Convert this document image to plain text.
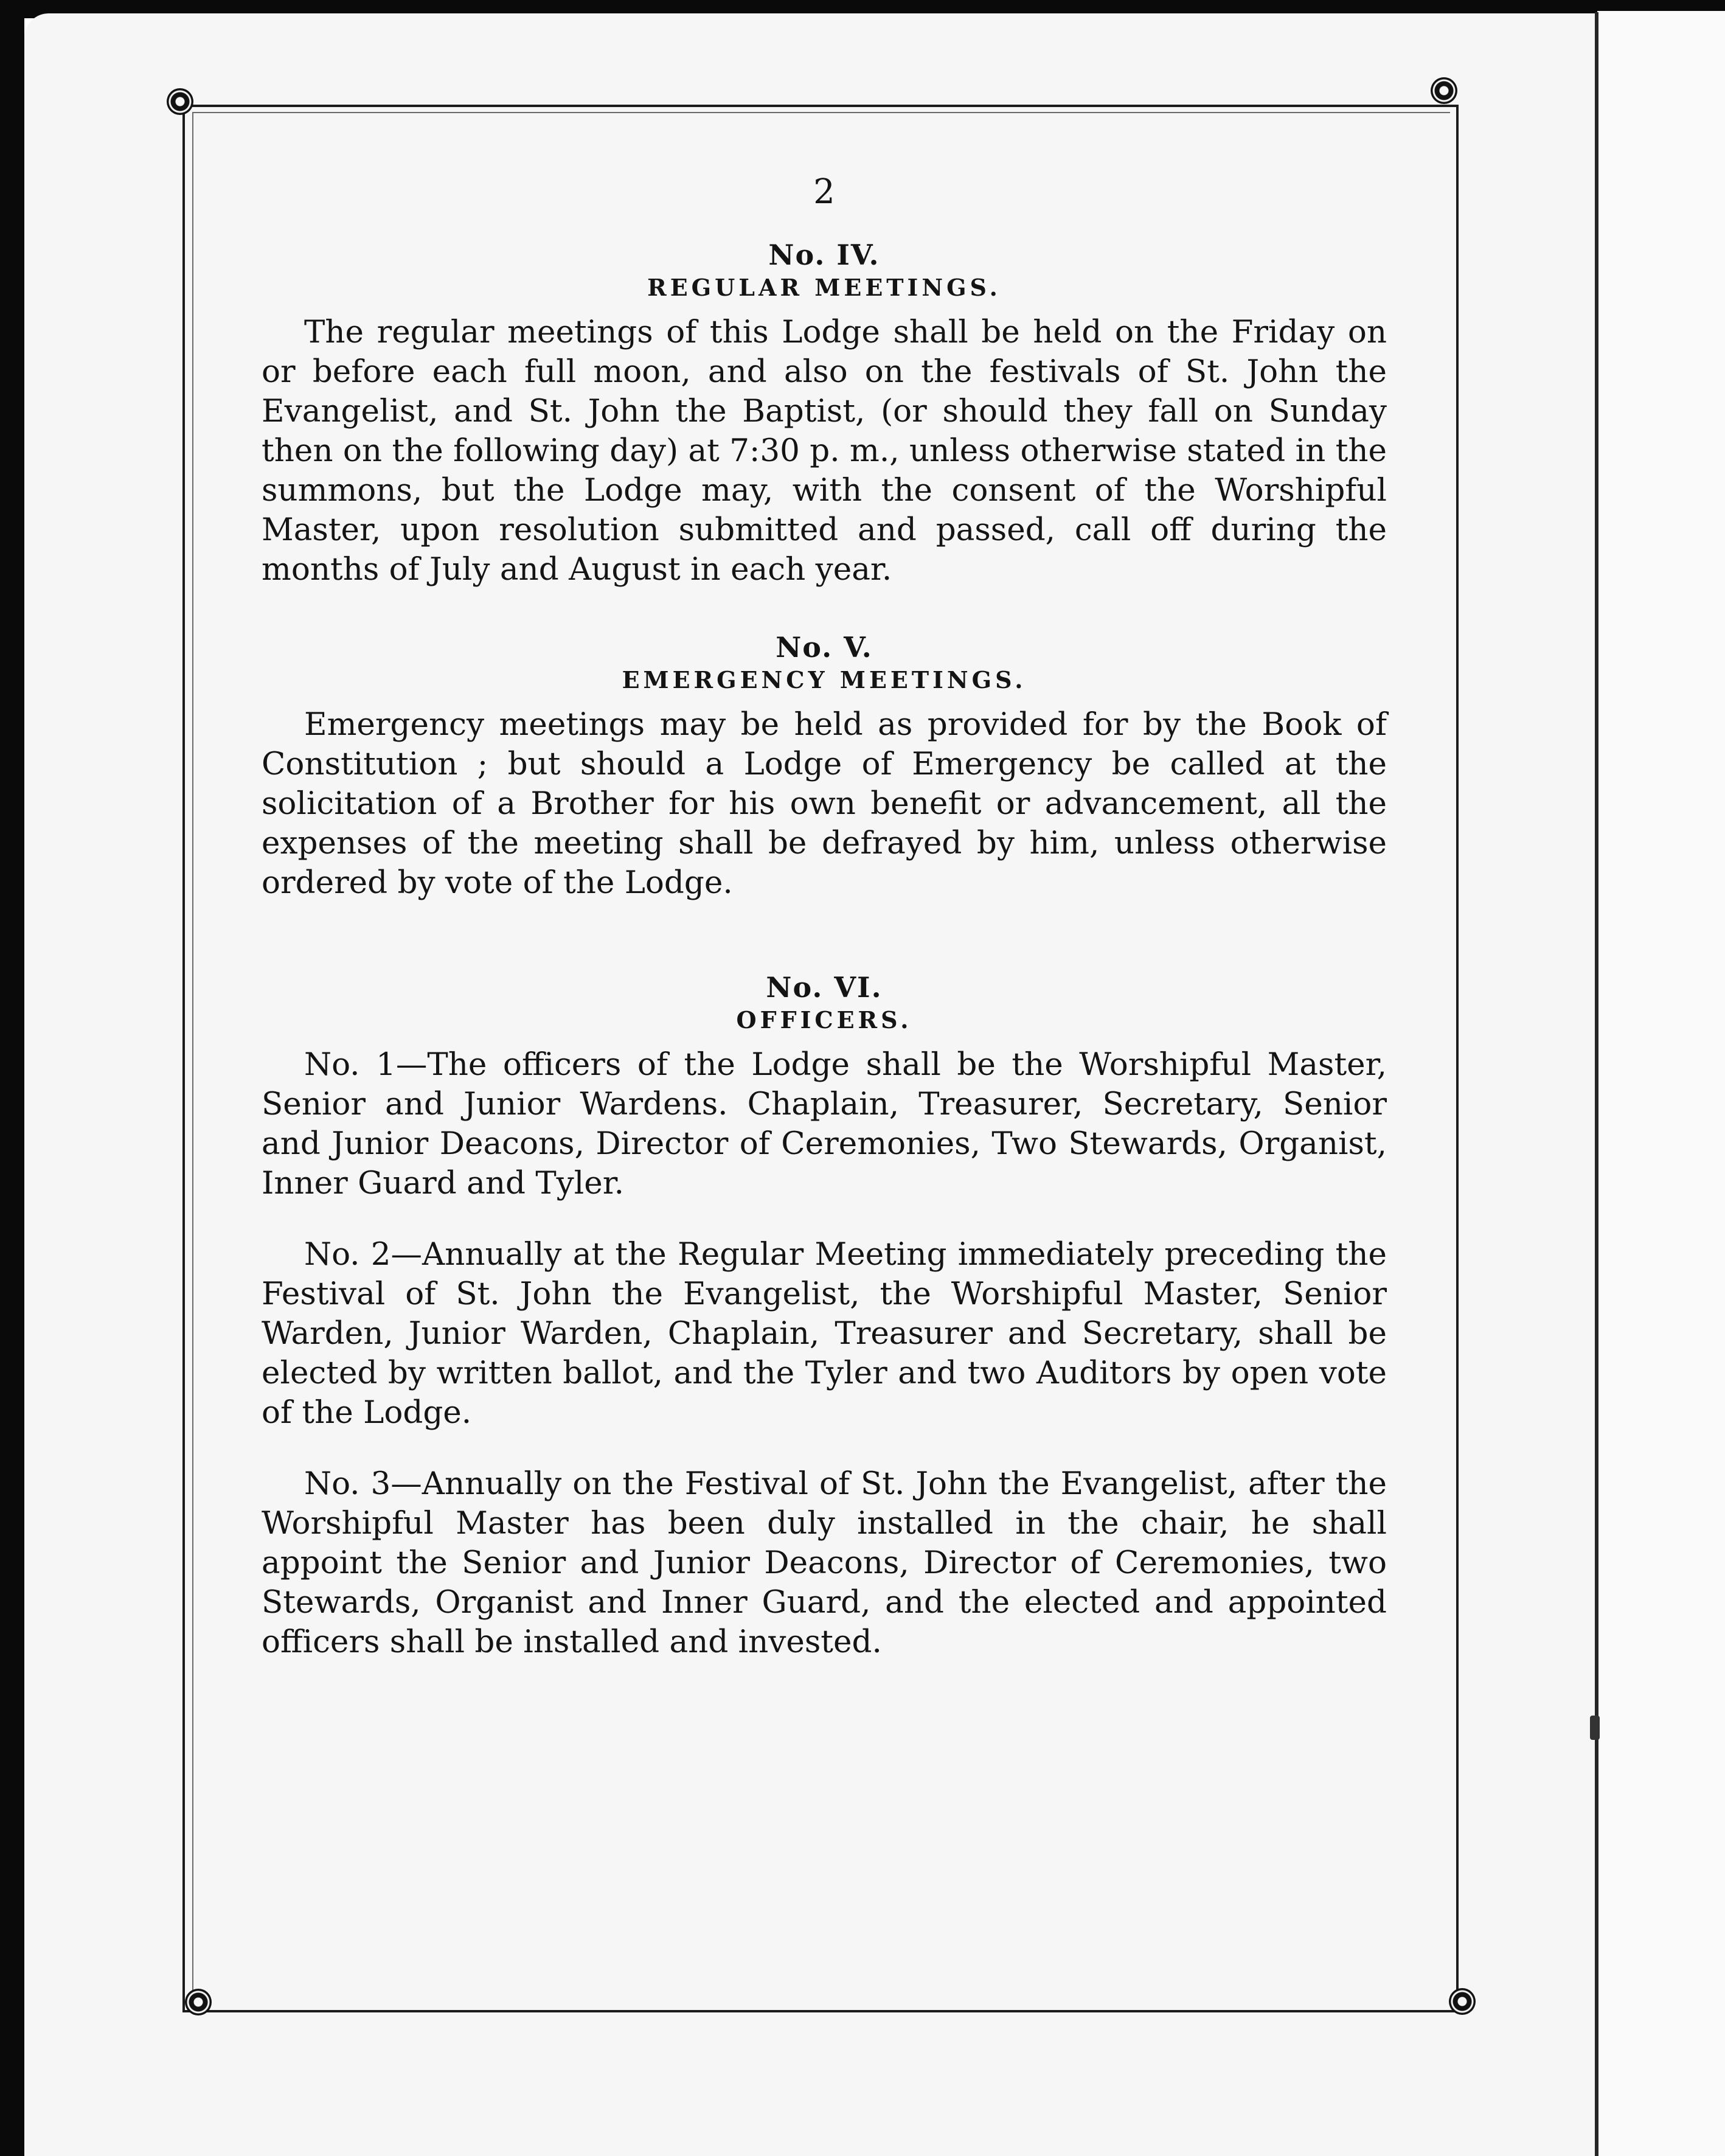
2
No. IV.
REGULAR MEETINGS.

The regular meetings of this Lodge shall be held on the Friday on or before each full moon, and also on the festivals of St. John the Evangelist, and St. John the Baptist, (or should they fall on Sunday then on the following day) at 7:30 p. m., unless otherwise stated in the summons, but the Lodge may, with the consent of the Worshipful Master, upon resolution submitted and passed, call off during the months of July and August in each year.

No. V.
EMERGENCY MEETINGS.

Emergency meetings may be held as provided for by the Book of Constitution ; but should a Lodge of Emergency be called at the solicitation of a Brother for his own benefit or advancement, all the expenses of the meeting shall be defrayed by him, unless otherwise ordered by vote of the Lodge.

No. VI.
OFFICERS.

No. 1—The officers of the Lodge shall be the Worshipful Master, Senior and Junior Wardens. Chaplain, Treasurer, Secretary, Senior and Junior Deacons, Director of Ceremonies, Two Stewards, Organist, Inner Guard and Tyler.

No. 2—Annually at the Regular Meeting immediately preceding the Festival of St. John the Evangelist, the Worshipful Master, Senior Warden, Junior Warden, Chaplain, Treasurer and Secretary, shall be elected by written ballot, and the Tyler and two Auditors by open vote of the Lodge.

No. 3—Annually on the Festival of St. John the Evangelist, after the Worshipful Master has been duly installed in the chair, he shall appoint the Senior and Junior Deacons, Director of Ceremonies, two Stewards, Organist and Inner Guard, and the elected and appointed officers shall be installed and invested.
